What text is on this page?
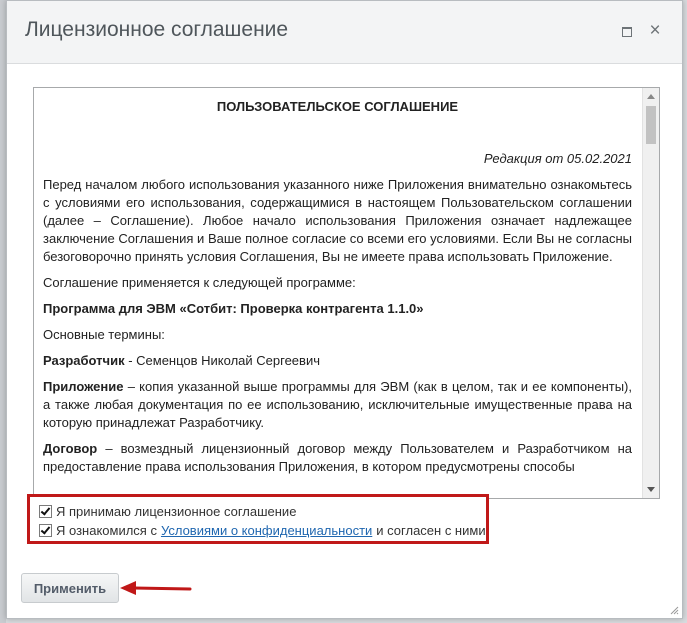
Лицензионное соглашение	×
ПОЛЬЗОВАТЕЛЬСКОЕ СОГЛАШЕНИЕ
Редакция от 05.02.2021

Перед началом любого использования указанного ниже Приложения внимательно ознакомьтесь с условиями его использования, содержащимися в настоящем Пользовательском соглашении (далее – Соглашение). Любое начало использования Приложения означает надлежащее заключение Соглашения и Ваше полное согласие со всеми его условиями. Если Вы не согласны безоговорочно принять условия Соглашения, Вы не имеете права использовать Приложение.

Соглашение применяется к следующей программе:

Программа для ЭВМ «Сотбит: Проверка контрагента 1.1.0»

Основные термины:

Разработчик - Семенцов Николай Сергеевич

Приложение – копия указанной выше программы для ЭВМ (как в целом, так и ее компоненты), а также любая документация по ее использованию, исключительные имущественные права на которую принадлежат Разработчику.

Договор – возмездный лицензионный договор между Пользователем и Разработчиком на предоставление права использования Приложения, в котором предусмотрены способы

Я принимаю лицензионное соглашение
Я ознакомился с Условиями о конфиденциальности и согласен с ними
Применить
